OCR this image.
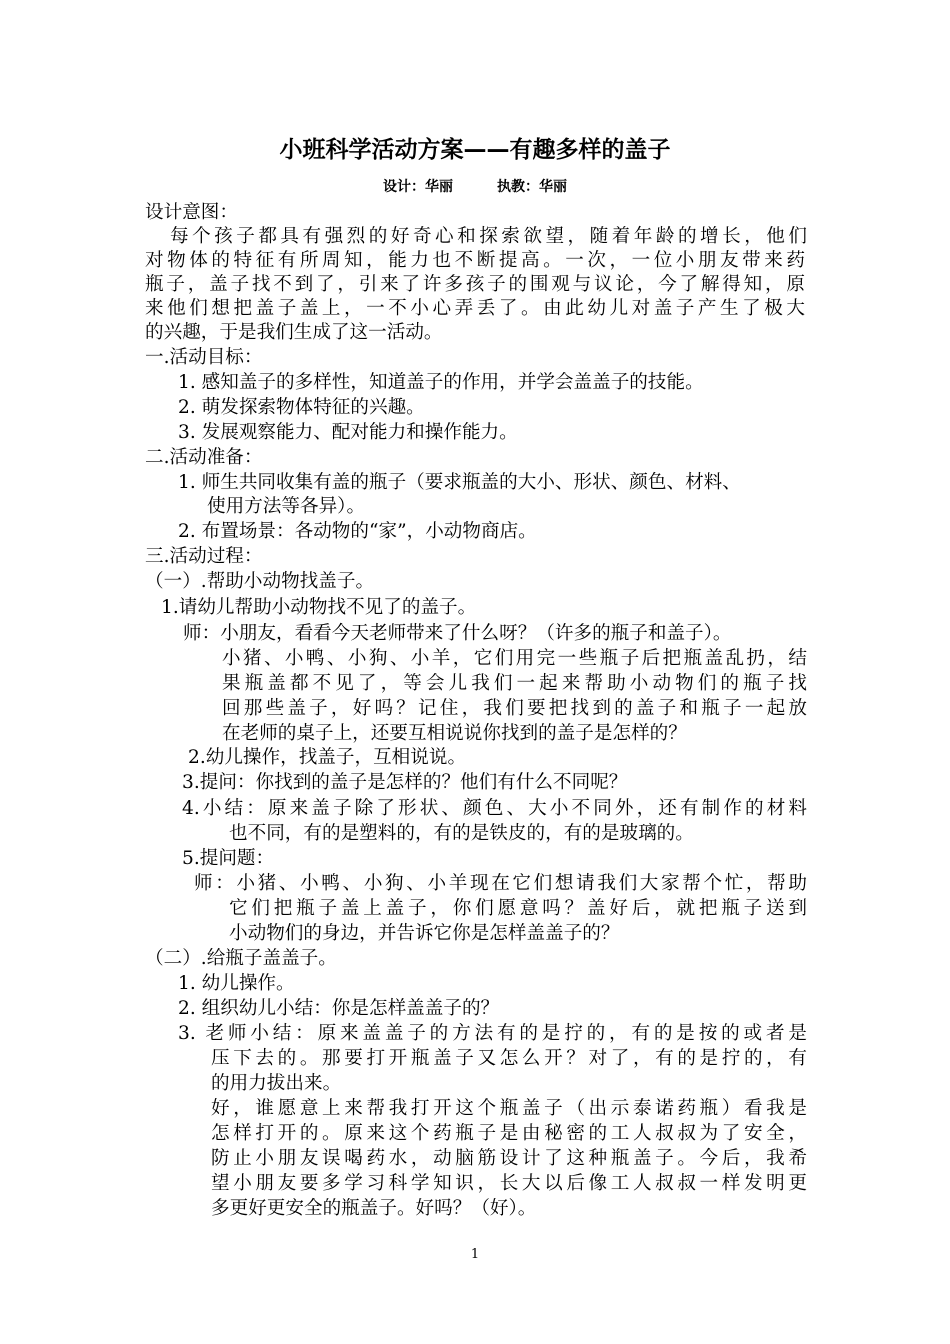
小班科学活动方案——有趣多样的盖子
设计：华丽	执教：华丽
设计意图：
每个孩子都具有强烈的好奇心和探索欲望，随着年龄的增长，他们
对物体的特征有所周知，能力也不断提高。一次，一位小朋友带来药
瓶子，盖子找不到了，引来了许多孩子的围观与议论，今了解得知，原
来他们想把盖子盖上，一不小心弄丢了。由此幼儿对盖子产生了极大
的兴趣，于是我们生成了这一活动。
一.活动目标：
1. 感知盖子的多样性，知道盖子的作用，并学会盖盖子的技能。
2. 萌发探索物体特征的兴趣。
3. 发展观察能力、配对能力和操作能力。
二.活动准备：
1. 师生共同收集有盖的瓶子（要求瓶盖的大小、形状、颜色、材料、
使用方法等各异）。
2. 布置场景：各动物的“家”，小动物商店。
三.活动过程：
（一）.帮助小动物找盖子。
1.请幼儿帮助小动物找不见了的盖子。
师：小朋友，看看今天老师带来了什么呀？（许多的瓶子和盖子）。
小猪、小鸭、小狗、小羊，它们用完一些瓶子后把瓶盖乱扔，结
果瓶盖都不见了，等会儿我们一起来帮助小动物们的瓶子找
回那些盖子，好吗？记住，我们要把找到的盖子和瓶子一起放
在老师的桌子上，还要互相说说你找到的盖子是怎样的？
2.幼儿操作，找盖子，互相说说。
3.提问：你找到的盖子是怎样的？他们有什么不同呢？
4.小结：原来盖子除了形状、颜色、大小不同外，还有制作的材料
也不同，有的是塑料的，有的是铁皮的，有的是玻璃的。
5.提问题：
师：小猪、小鸭、小狗、小羊现在它们想请我们大家帮个忙，帮助
它们把瓶子盖上盖子，你们愿意吗？盖好后，就把瓶子送到
小动物们的身边，并告诉它你是怎样盖盖子的？
（二）.给瓶子盖盖子。
1. 幼儿操作。
2. 组织幼儿小结：你是怎样盖盖子的？
3. 老师小结：原来盖盖子的方法有的是拧的，有的是按的或者是
压下去的。那要打开瓶盖子又怎么开？对了，有的是拧的，有
的用力拔出来。
好，谁愿意上来帮我打开这个瓶盖子（出示泰诺药瓶）看我是
怎样打开的。原来这个药瓶子是由秘密的工人叔叔为了安全，
防止小朋友误喝药水，动脑筋设计了这种瓶盖子。今后，我希
望小朋友要多学习科学知识，长大以后像工人叔叔一样发明更
多更好更安全的瓶盖子。好吗？（好）。
1
